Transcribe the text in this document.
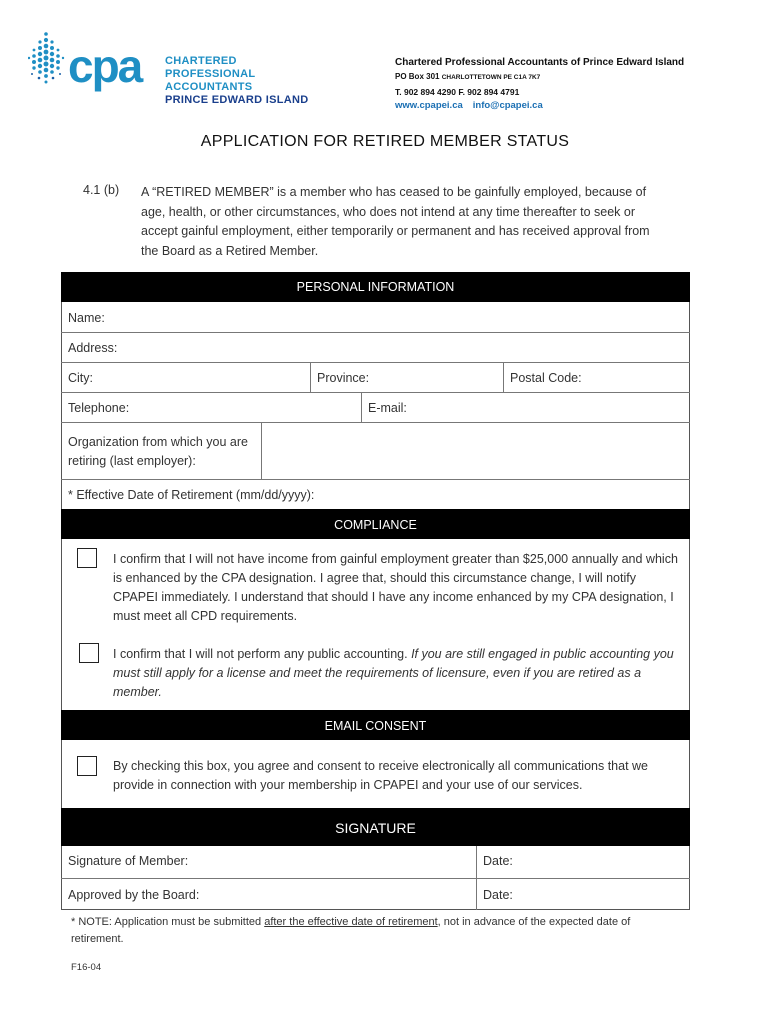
cpa CHARTERED
PROFESSIONAL
ACCOUNTANTS
PRINCE EDWARD ISLAND
Chartered Professional Accountants of Prince Edward Island
PO Box 301 CHARLOTTETOWN PE C1A 7K7
T. 902 894 4290 F. 902 894 4791
www.cpapei.ca info@cpapei.ca
APPLICATION FOR RETIRED MEMBER STATUS
4.1 (b) A “RETIRED MEMBER” is a member who has ceased to be gainfully employed, because of age, health, or other circumstances, who does not intend at any time thereafter to seek or accept gainful employment, either temporarily or permanent and has received approval from the Board as a Retired Member.
PERSONAL INFORMATION
Name:
Address:
City:	Province:	Postal Code:
Telephone:	E-mail:
Organization from which you are retiring (last employer):
* Effective Date of Retirement (mm/dd/yyyy):
COMPLIANCE
I confirm that I will not have income from gainful employment greater than $25,000 annually and which is enhanced by the CPA designation. I agree that, should this circumstance change, I will notify CPAPEI immediately. I understand that should I have any income enhanced by my CPA designation, I must meet all CPD requirements.
I confirm that I will not perform any public accounting. If you are still engaged in public accounting you must still apply for a license and meet the requirements of licensure, even if you are retired as a member.
EMAIL CONSENT
By checking this box, you agree and consent to receive electronically all communications that we provide in connection with your membership in CPAPEI and your use of our services.
SIGNATURE
Signature of Member:	Date:
Approved by the Board:	Date:
* NOTE: Application must be submitted after the effective date of retirement, not in advance of the expected date of retirement.
F16-04
